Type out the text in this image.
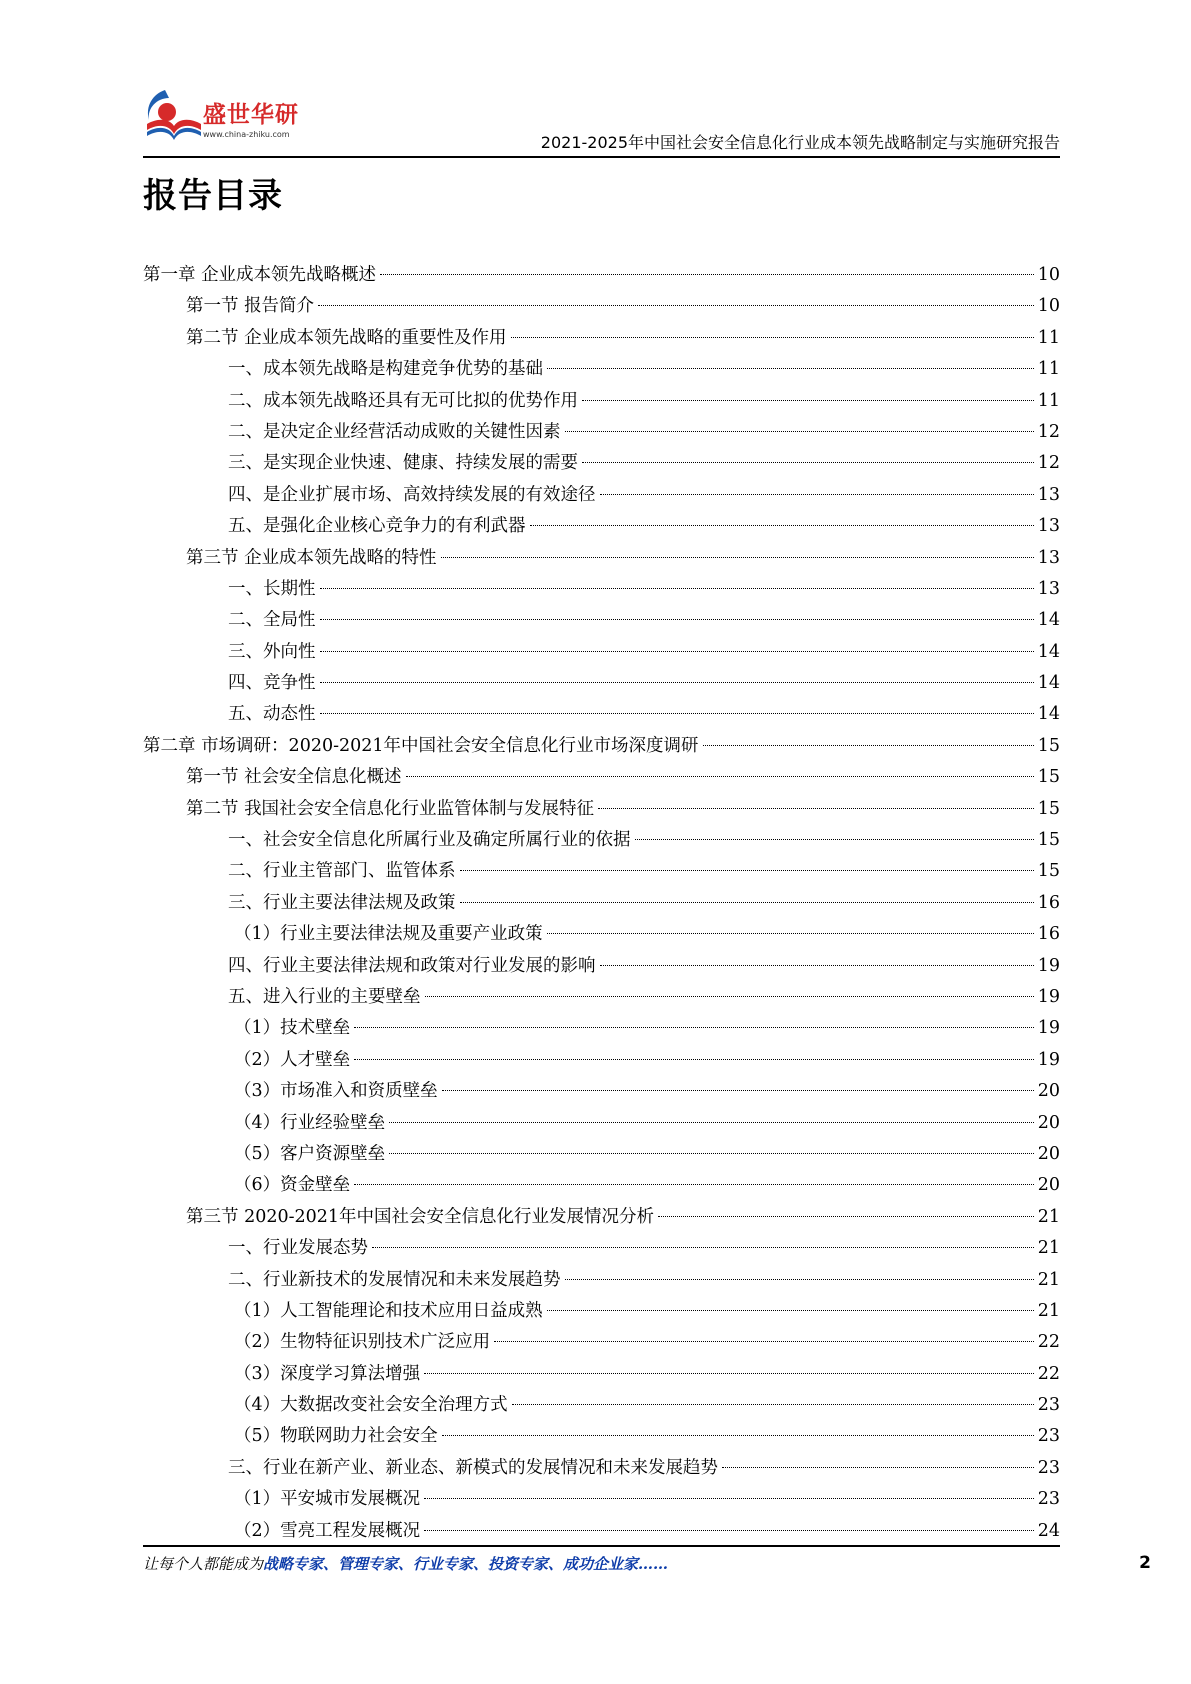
盛世华研
www.china-zhiku.com	2021-2025年中国社会安全信息化行业成本领先战略制定与实施研究报告
报告目录
第一章 企业成本领先战略概述	10
第一节 报告简介	10
第二节 企业成本领先战略的重要性及作用	11
一、成本领先战略是构建竞争优势的基础	11
二、成本领先战略还具有无可比拟的优势作用	11
二、是决定企业经营活动成败的关键性因素	12
三、是实现企业快速、健康、持续发展的需要	12
四、是企业扩展市场、高效持续发展的有效途径	13
五、是强化企业核心竞争力的有利武器	13
第三节 企业成本领先战略的特性	13
一、长期性	13
二、全局性	14
三、外向性	14
四、竞争性	14
五、动态性	14
第二章 市场调研：2020-2021年中国社会安全信息化行业市场深度调研	15
第一节 社会安全信息化概述	15
第二节 我国社会安全信息化行业监管体制与发展特征	15
一、社会安全信息化所属行业及确定所属行业的依据	15
二、行业主管部门、监管体系	15
三、行业主要法律法规及政策	16
（1）行业主要法律法规及重要产业政策	16
四、行业主要法律法规和政策对行业发展的影响	19
五、进入行业的主要壁垒	19
（1）技术壁垒	19
（2）人才壁垒	19
（3）市场准入和资质壁垒	20
（4）行业经验壁垒	20
（5）客户资源壁垒	20
（6）资金壁垒	20
第三节 2020-2021年中国社会安全信息化行业发展情况分析	21
一、行业发展态势	21
二、行业新技术的发展情况和未来发展趋势	21
（1）人工智能理论和技术应用日益成熟	21
（2）生物特征识别技术广泛应用	22
（3）深度学习算法增强	22
（4）大数据改变社会安全治理方式	23
（5）物联网助力社会安全	23
三、行业在新产业、新业态、新模式的发展情况和未来发展趋势	23
（1）平安城市发展概况	23
（2）雪亮工程发展概况	24
让每个人都能成为战略专家、管理专家、行业专家、投资专家、成功企业家……	2
